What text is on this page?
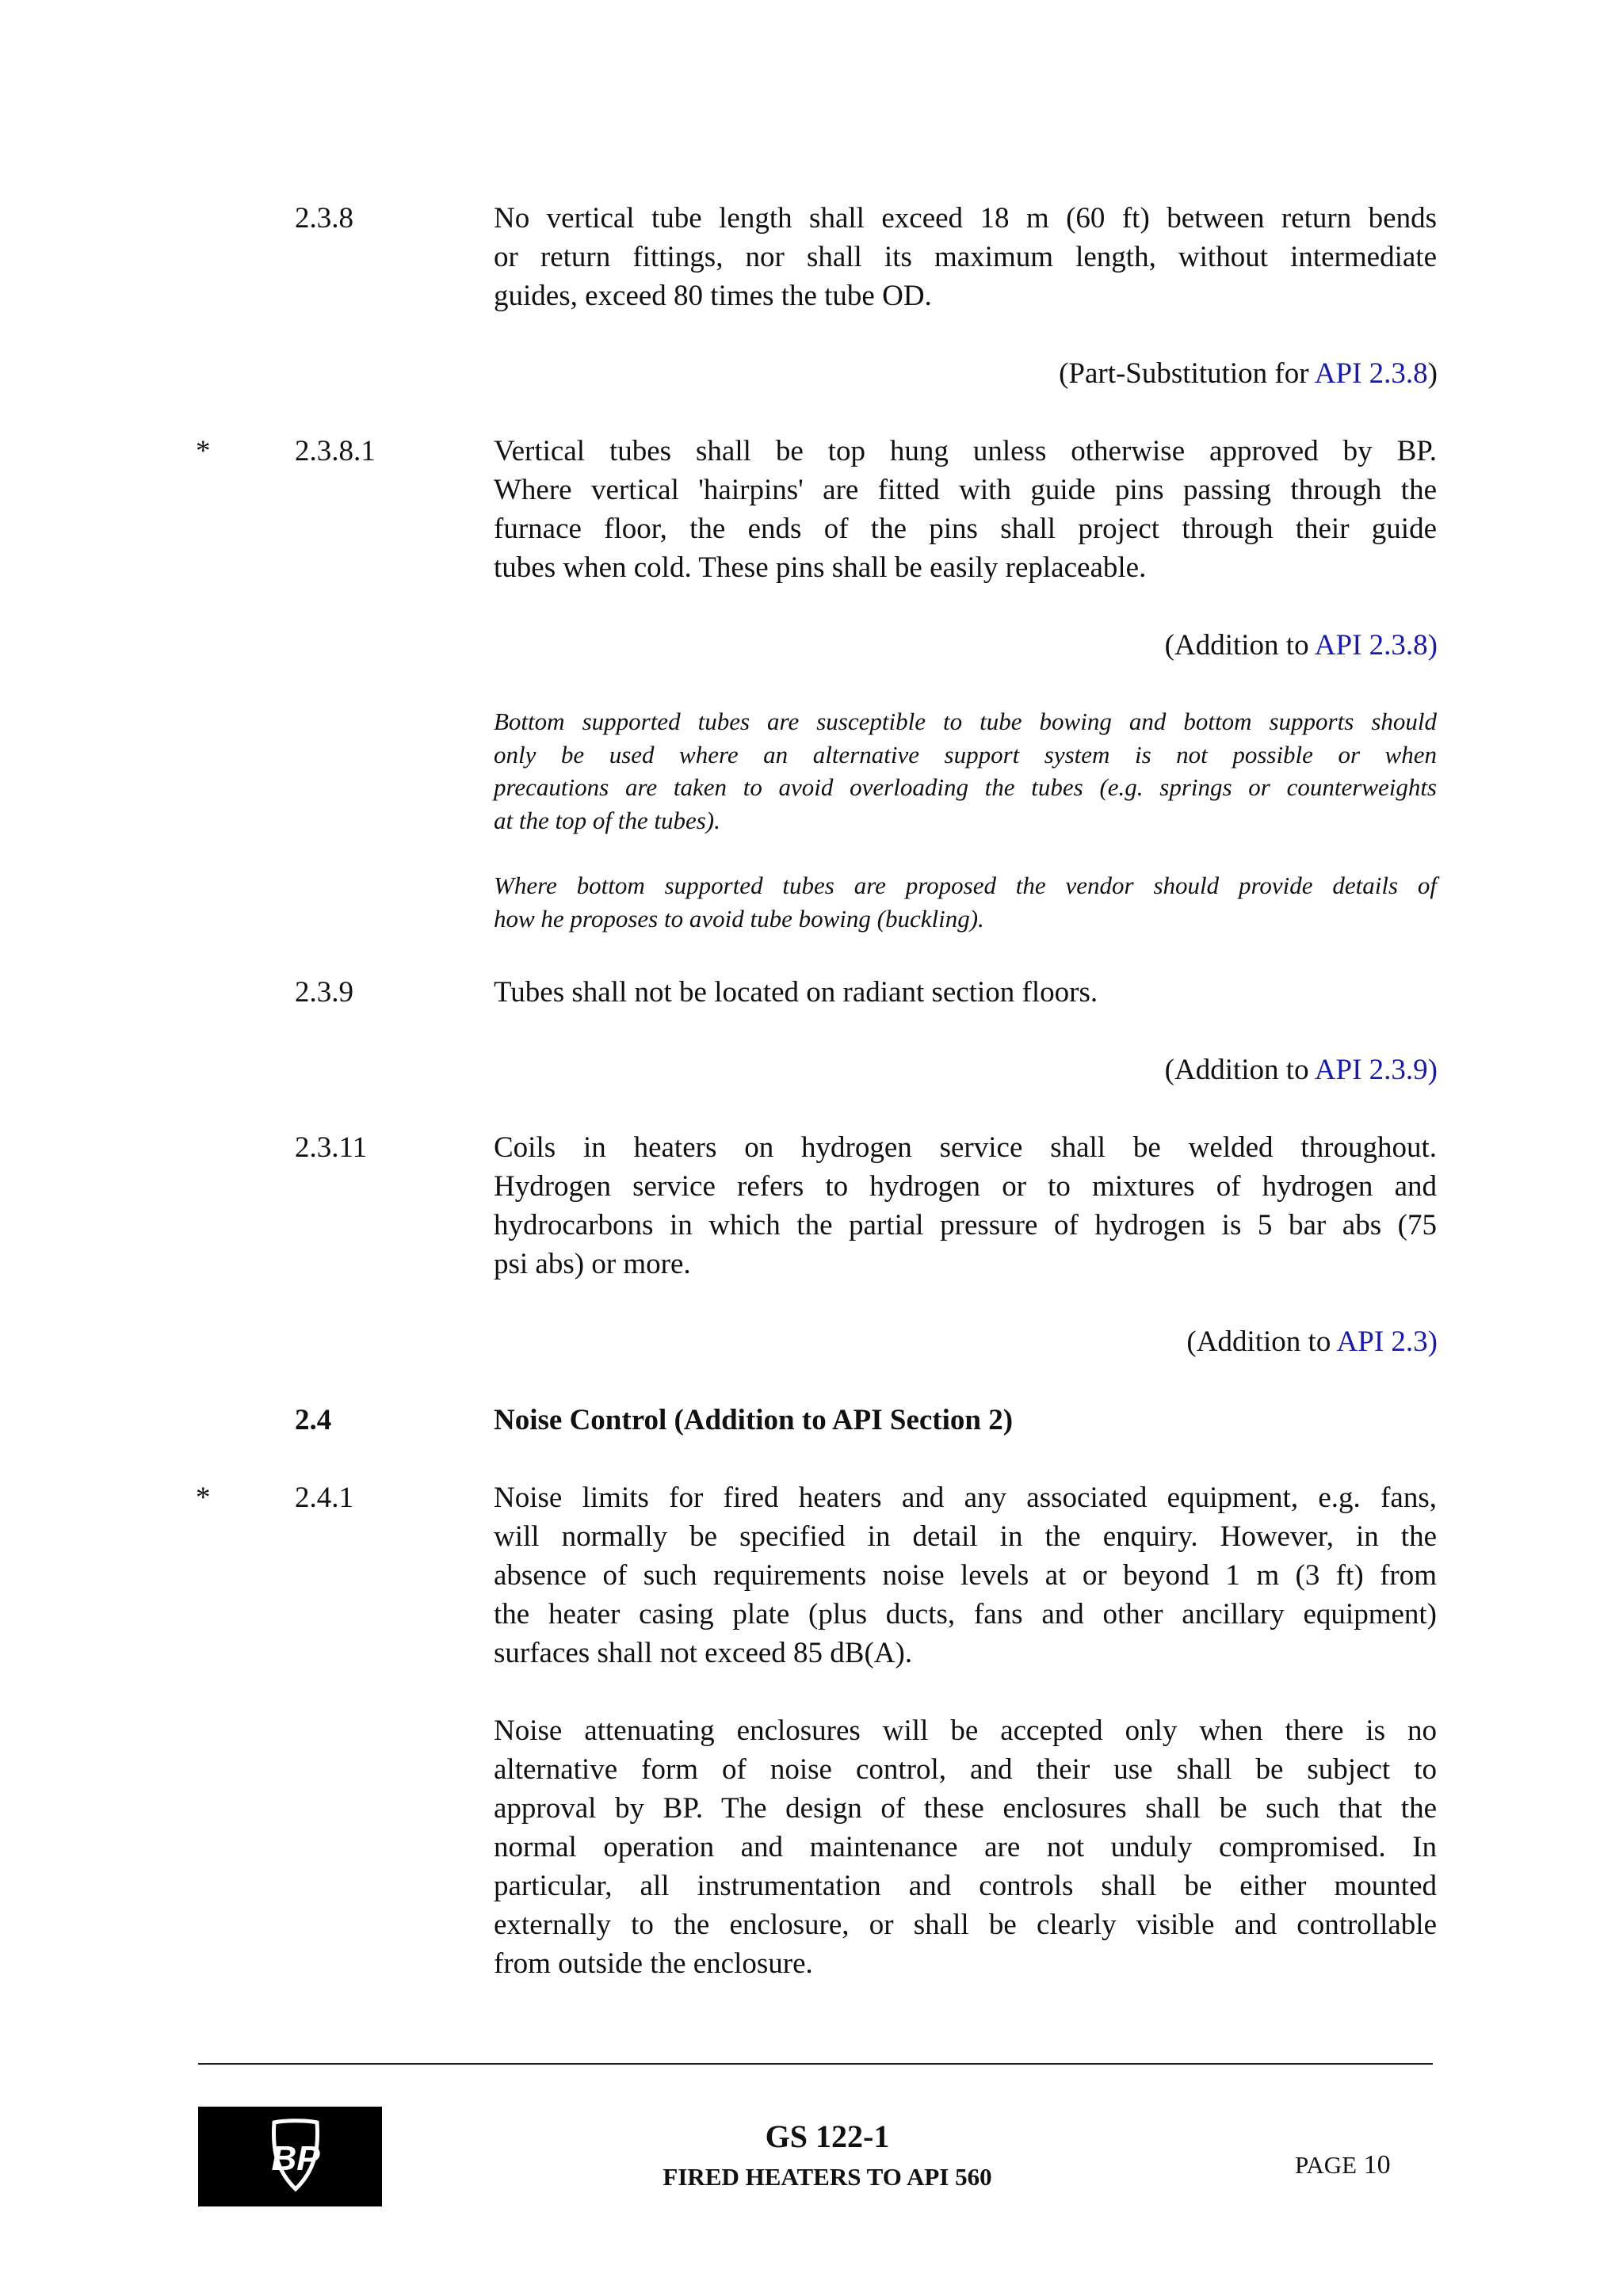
2.3.8	No vertical tube length shall exceed 18 m (60 ft) between return bends
or return fittings, nor shall its maximum length, without intermediate
guides, exceed 80 times the tube OD.
(Part-Substitution for API 2.3.8)
*	2.3.8.1	Vertical tubes shall be top hung unless otherwise approved by BP.
Where vertical 'hairpins' are fitted with guide pins passing through the
furnace floor, the ends of the pins shall project through their guide
tubes when cold. These pins shall be easily replaceable.
(Addition to API 2.3.8)
Bottom supported tubes are susceptible to tube bowing and bottom supports should
only be used where an alternative support system is not possible or when
precautions are taken to avoid overloading the tubes (e.g. springs or counterweights
at the top of the tubes).
Where bottom supported tubes are proposed the vendor should provide details of
how he proposes to avoid tube bowing (buckling).
2.3.9	Tubes shall not be located on radiant section floors.
(Addition to API 2.3.9)
2.3.11	Coils in heaters on hydrogen service shall be welded throughout.
Hydrogen service refers to hydrogen or to mixtures of hydrogen and
hydrocarbons in which the partial pressure of hydrogen is 5 bar abs (75
psi abs) or more.
(Addition to API 2.3)
2.4	Noise Control (Addition to API Section 2)
*	2.4.1	Noise limits for fired heaters and any associated equipment, e.g. fans,
will normally be specified in detail in the enquiry. However, in the
absence of such requirements noise levels at or beyond 1 m (3 ft) from
the heater casing plate (plus ducts, fans and other ancillary equipment)
surfaces shall not exceed 85 dB(A).
Noise attenuating enclosures will be accepted only when there is no
alternative form of noise control, and their use shall be subject to
approval by BP. The design of these enclosures shall be such that the
normal operation and maintenance are not unduly compromised. In
particular, all instrumentation and controls shall be either mounted
externally to the enclosure, or shall be clearly visible and controllable
from outside the enclosure.
BP
GS 122-1
FIRED HEATERS TO API 560	PAGE 10
